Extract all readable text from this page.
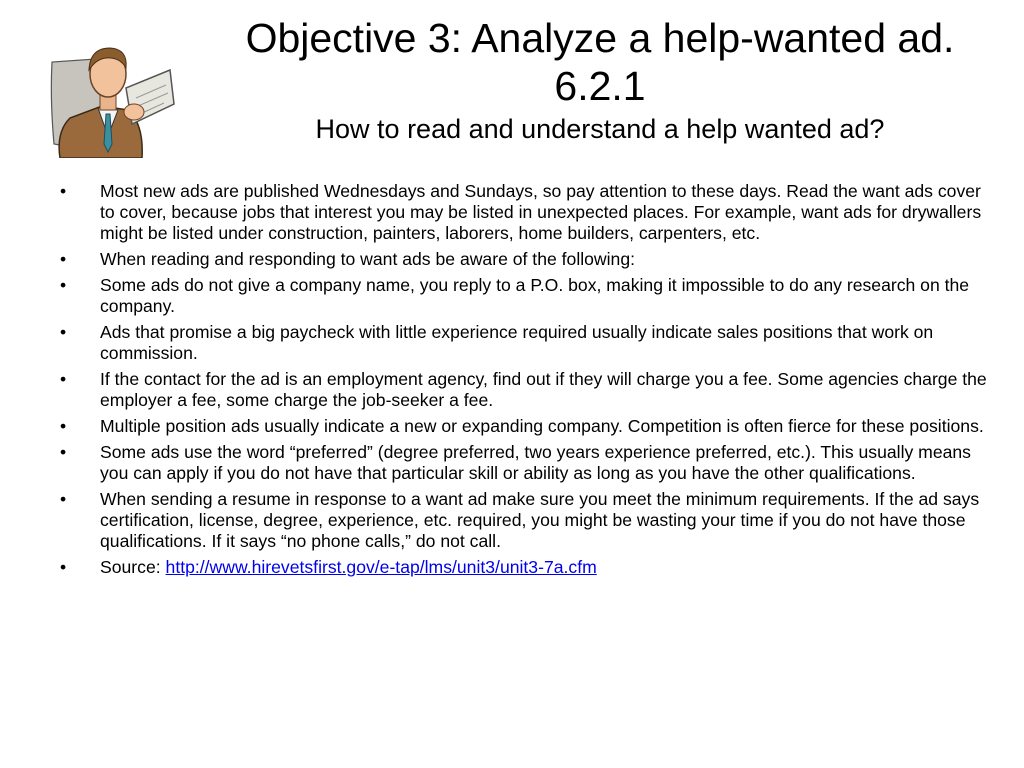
Objective 3: Analyze a help-wanted ad. 6.2.1
How to read and understand a help wanted ad?
• Most new ads are published Wednesdays and Sundays, so pay attention to these days. Read the want ads cover to cover, because jobs that interest you may be listed in unexpected places. For example, want ads for drywallers might be listed under construction, painters, laborers, home builders, carpenters, etc.
• When reading and responding to want ads be aware of the following:
• Some ads do not give a company name, you reply to a P.O. box, making it impossible to do any research on the company.
• Ads that promise a big paycheck with little experience required usually indicate sales positions that work on commission.
• If the contact for the ad is an employment agency, find out if they will charge you a fee. Some agencies charge the employer a fee, some charge the job-seeker a fee.
• Multiple position ads usually indicate a new or expanding company. Competition is often fierce for these positions.
• Some ads use the word “preferred” (degree preferred, two years experience preferred, etc.). This usually means you can apply if you do not have that particular skill or ability as long as you have the other qualifications.
• When sending a resume in response to a want ad make sure you meet the minimum requirements. If the ad says certification, license, degree, experience, etc. required, you might be wasting your time if you do not have those qualifications. If it says “no phone calls,” do not call.
• Source: http://www.hirevetsfirst.gov/e-tap/lms/unit3/unit3-7a.cfm
